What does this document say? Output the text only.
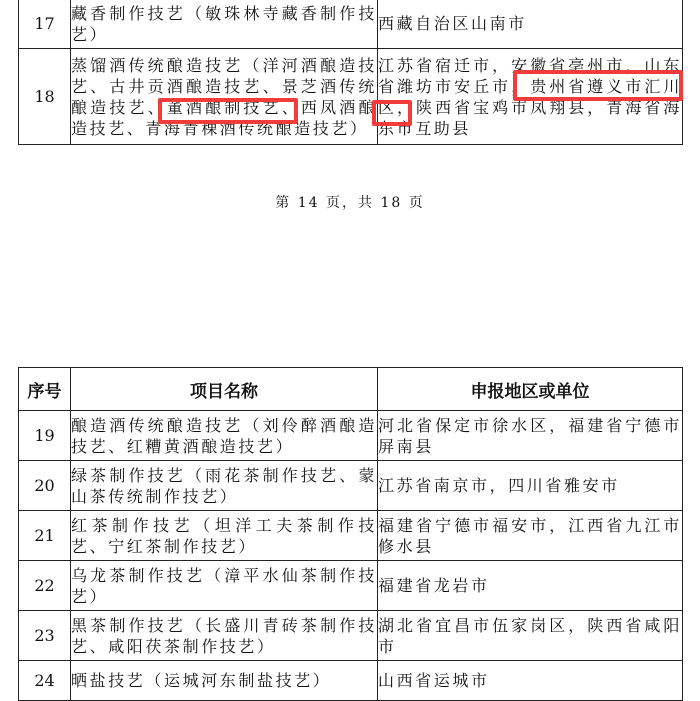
17	藏香制作技艺（敏珠林寺藏香制作技艺）	西藏自治区山南市
18	蒸馏酒传统酿造技艺（洋河酒酿造技艺、古井贡酒酿造技艺、景芝酒传统酿造技艺、董酒酿制技艺、西凤酒酿造技艺、青海青稞酒传统酿造技艺）	江苏省宿迁市，安徽省亳州市，山东省潍坊市安丘市，贵州省遵义市汇川区，陕西省宝鸡市凤翔县，青海省海东市互助县
第 14 页，共 18 页
序号	项目名称	申报地区或单位
19	酿造酒传统酿造技艺（刘伶醉酒酿造技艺、红糟黄酒酿造技艺）	河北省保定市徐水区，福建省宁德市屏南县
20	绿茶制作技艺（雨花茶制作技艺、蒙山茶传统制作技艺）	江苏省南京市，四川省雅安市
21	红茶制作技艺（坦洋工夫茶制作技艺、宁红茶制作技艺）	福建省宁德市福安市，江西省九江市修水县
22	乌龙茶制作技艺（漳平水仙茶制作技艺）	福建省龙岩市
23	黑茶制作技艺（长盛川青砖茶制作技艺、咸阳茯茶制作技艺）	湖北省宜昌市伍家岗区，陕西省咸阳市
24	晒盐技艺（运城河东制盐技艺）	山西省运城市
